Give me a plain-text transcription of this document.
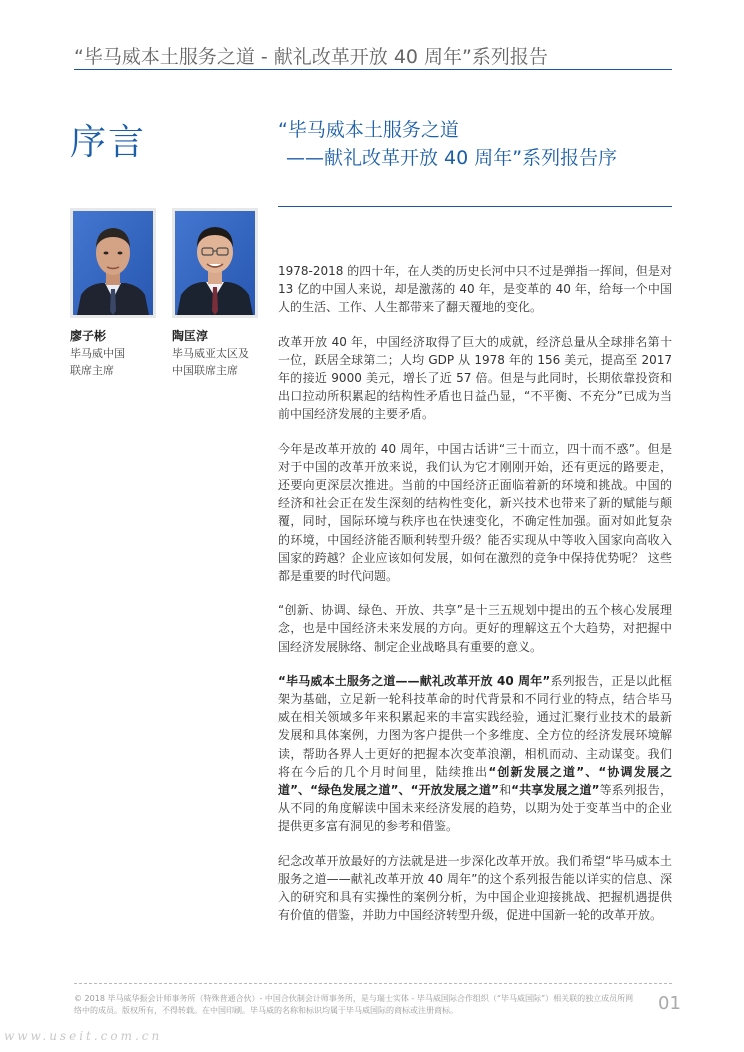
“毕马威本土服务之道 - 献礼改革开放 40 周年”系列报告
序言	“毕马威本土服务之道
——献礼改革开放 40 周年”系列报告序
廖子彬
毕马威中国
联席主席
陶匡淳
毕马威亚太区及
中国联席主席

1978-2018 的四十年，在人类的历史长河中只不过是弹指一挥间，但是对 13 亿的中国人来说，却是激荡的 40 年，是变革的 40 年，给每一个中国人的生活、工作、人生都带来了翻天覆地的变化。

改革开放 40 年，中国经济取得了巨大的成就，经济总量从全球排名第十一位，跃居全球第二；人均 GDP 从 1978 年的 156 美元，提高至 2017 年的接近 9000 美元，增长了近 57 倍。但是与此同时，长期依靠投资和出口拉动所积累起的结构性矛盾也日益凸显，“不平衡、不充分”已成为当前中国经济发展的主要矛盾。

今年是改革开放的 40 周年，中国古话讲“三十而立，四十而不惑”。但是对于中国的改革开放来说，我们认为它才刚刚开始，还有更远的路要走，还要向更深层次推进。当前的中国经济正面临着新的环境和挑战。中国的经济和社会正在发生深刻的结构性变化，新兴技术也带来了新的赋能与颠覆，同时，国际环境与秩序也在快速变化，不确定性加强。面对如此复杂的环境，中国经济能否顺利转型升级？能否实现从中等收入国家向高收入国家的跨越？企业应该如何发展，如何在激烈的竞争中保持优势呢？ 这些都是重要的时代问题。

“创新、协调、绿色、开放、共享”是十三五规划中提出的五个核心发展理念，也是中国经济未来发展的方向。更好的理解这五个大趋势，对把握中国经济发展脉络、制定企业战略具有重要的意义。

“毕马威本土服务之道——献礼改革开放 40 周年”系列报告，正是以此框架为基础，立足新一轮科技革命的时代背景和不同行业的特点，结合毕马威在相关领域多年来积累起来的丰富实践经验，通过汇聚行业技术的最新发展和具体案例，力图为客户提供一个多维度、全方位的经济发展环境解读，帮助各界人士更好的把握本次变革浪潮，相机而动、主动谋变。我们将在今后的几个月时间里，陆续推出“创新发展之道”、“协调发展之道”、“绿色发展之道”、“开放发展之道”和“共享发展之道”等系列报告，从不同的角度解读中国未来经济发展的趋势，以期为处于变革当中的企业提供更多富有洞见的参考和借鉴。

纪念改革开放最好的方法就是进一步深化改革开放。我们希望“毕马威本土服务之道——献礼改革开放 40 周年”的这个系列报告能以详实的信息、深入的研究和具有实操性的案例分析，为中国企业迎接挑战、把握机遇提供有价值的借鉴，并助力中国经济转型升级，促进中国新一轮的改革开放。

© 2018 毕马威华振会计师事务所（特殊普通合伙）- 中国合伙制会计师事务所，是与瑞士实体 - 毕马威国际合作组织（“毕马威国际”）相关联的独立成员所网络中的成员。版权所有，不得转载。在中国印刷。毕马威的名称和标识均属于毕马威国际的商标或注册商标。	01
www.useit.com.cn
